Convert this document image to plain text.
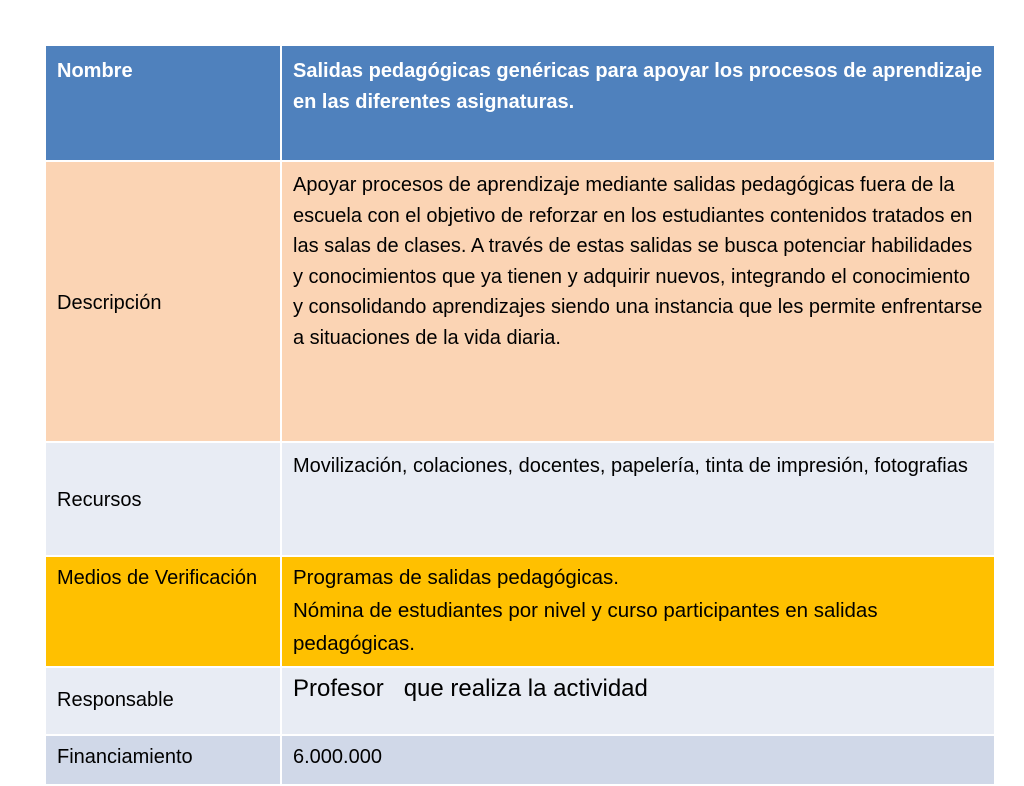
Nombre	Salidas pedagógicas genéricas para apoyar los procesos de aprendizaje en las diferentes asignaturas.
Descripción	Apoyar procesos de aprendizaje mediante salidas pedagógicas fuera de la escuela con el objetivo de reforzar en los estudiantes contenidos tratados en las salas de clases. A través de estas salidas se busca potenciar habilidades y conocimientos que ya tienen y adquirir nuevos, integrando el conocimiento y consolidando aprendizajes siendo una instancia que les permite enfrentarse a situaciones de la vida diaria.
Recursos	Movilización, colaciones, docentes, papelería, tinta de impresión, fotografias
Medios de Verificación	Programas de salidas pedagógicas.
Nómina de estudiantes por nivel y curso participantes en salidas pedagógicas.

Responsable	Profesor   que realiza la actividad
Financiamiento	6.000.000
